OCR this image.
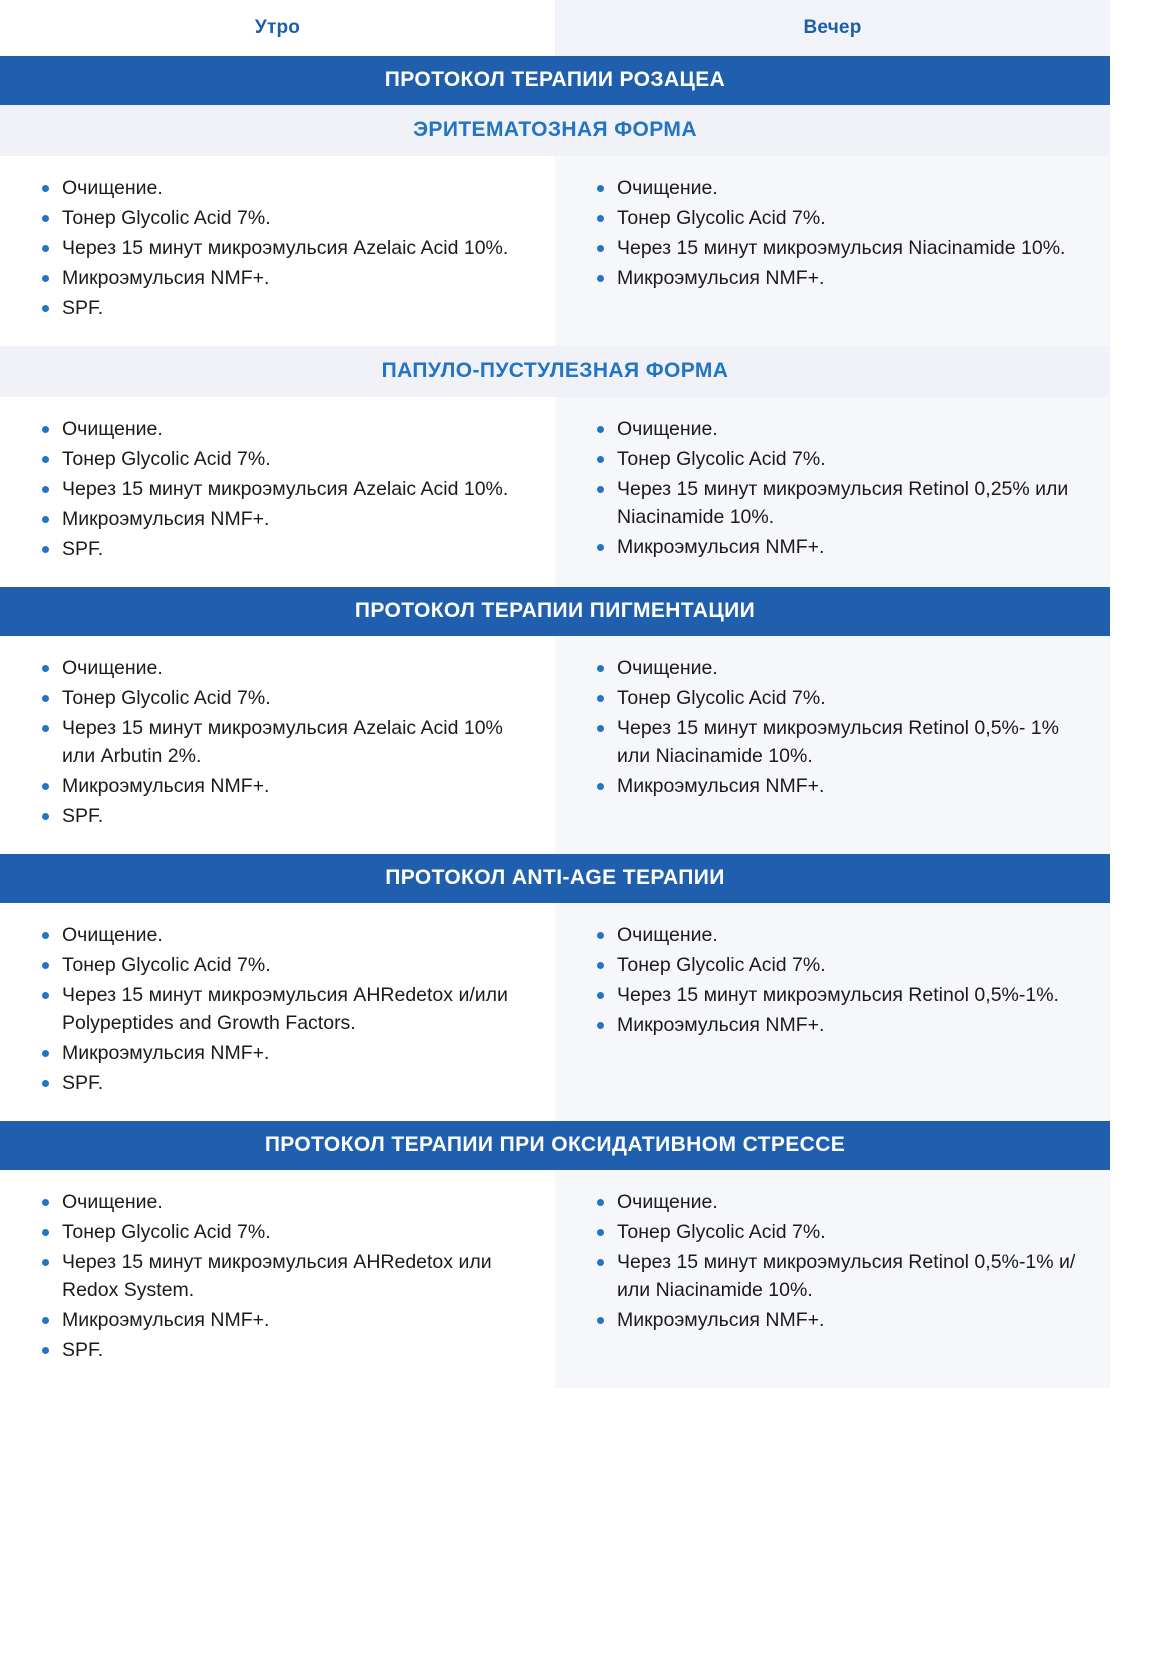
Утро	Вечер
ПРОТОКОЛ ТЕРАПИИ РОЗАЦЕА
ЭРИТЕМАТОЗНАЯ ФОРМА
Очищение.
Тонер Glycolic Acid 7%.
Через 15 минут микроэмульсия Azelaic Acid 10%.
Микроэмульсия NMF+.
SPF.
Очищение.
Тонер Glycolic Acid 7%.
Через 15 минут микроэмульсия Niacinamide 10%.
Микроэмульсия NMF+.
ПАПУЛО-ПУСТУЛЕЗНАЯ ФОРМА
Очищение.
Тонер Glycolic Acid 7%.
Через 15 минут микроэмульсия Azelaic Acid 10%.
Микроэмульсия NMF+.
SPF.
Очищение.
Тонер Glycolic Acid 7%.
Через 15 минут микроэмульсия Retinol 0,25% или Niacinamide 10%.
Микроэмульсия NMF+.
ПРОТОКОЛ ТЕРАПИИ ПИГМЕНТАЦИИ
Очищение.
Тонер Glycolic Acid 7%.
Через 15 минут микроэмульсия Azelaic Acid 10% или Arbutin 2%.
Микроэмульсия NMF+.
SPF.
Очищение.
Тонер Glycolic Acid 7%.
Через 15 минут микроэмульсия Retinol 0,5%- 1% или Niacinamide 10%.
Микроэмульсия NMF+.
ПРОТОКОЛ ANTI-AGE ТЕРАПИИ
Очищение.
Тонер Glycolic Acid 7%.
Через 15 минут микроэмульсия AHRedetox и/или Polypeptides and Growth Factors.
Микроэмульсия NMF+.
SPF.
Очищение.
Тонер Glycolic Acid 7%.
Через 15 минут микроэмульсия Retinol 0,5%-1%.
Микроэмульсия NMF+.
ПРОТОКОЛ ТЕРАПИИ ПРИ ОКСИДАТИВНОМ СТРЕССЕ
Очищение.
Тонер Glycolic Acid 7%.
Через 15 минут микроэмульсия AHRedetox или Redox System.
Микроэмульсия NMF+.
SPF.
Очищение.
Тонер Glycolic Acid 7%.
Через 15 минут микроэмульсия Retinol 0,5%-1% и/или Niacinamide 10%.
Микроэмульсия NMF+.
